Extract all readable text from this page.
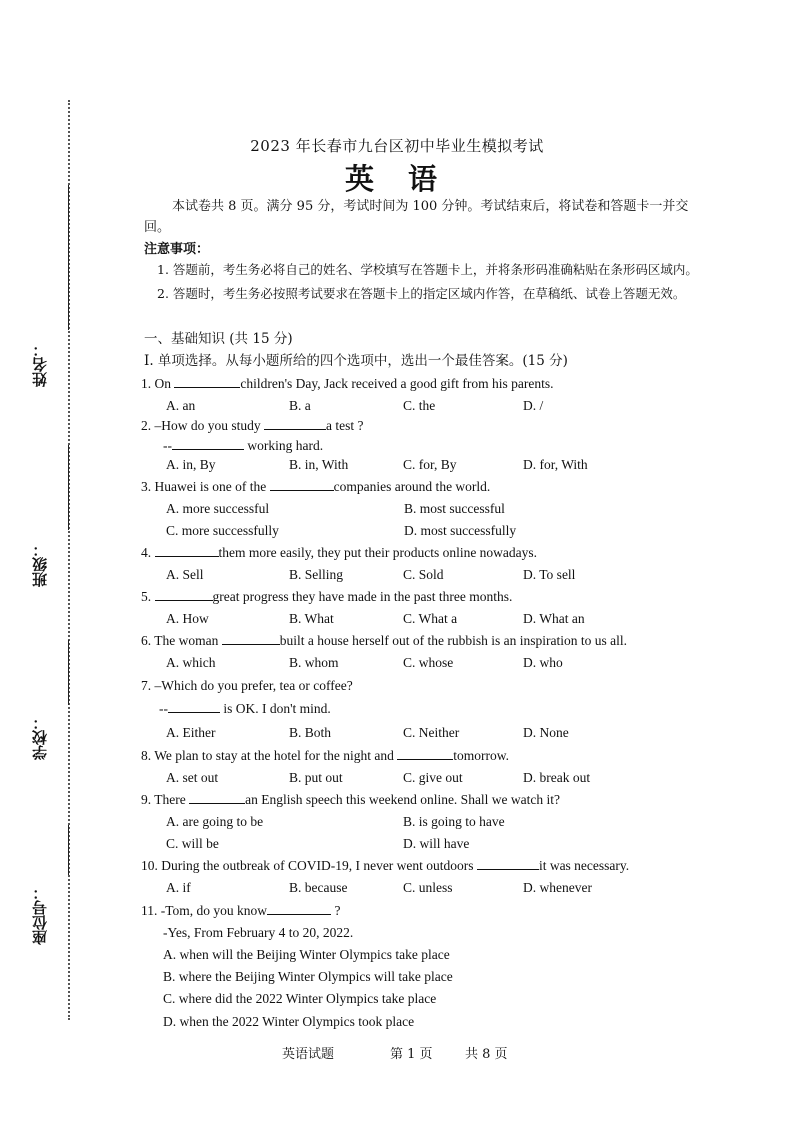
姓名：
班级：
学校：
座位号：
2023 年长春市九台区初中毕业生模拟考试
英 语

本试卷共 8 页。满分 95 分，考试时间为 100 分钟。考试结束后，将试卷和答题卡一并交回。

注意事项：
1. 答题前，考生务必将自己的姓名、学校填写在答题卡上，并将条形码准确粘贴在条形码区域内。
2. 答题时，考生务必按照考试要求在答题卡上的指定区域内作答，在草稿纸、试卷上答题无效。
一、基础知识 (共 15 分)
I. 单项选择。从每小题所给的四个选项中，选出一个最佳答案。(15 分)
1. On	children's Day, Jack received a good gift from his parents.
A. an	B. a	C. the	D. /
2. –How do you study	a test ?
--	working hard.
A. in, By	B. in, With	C. for, By	D. for, With
3. Huawei is one of the	companies around the world.
A. more successful	B. most successful
C. more successfully	D. most successfully
4.	them more easily, they put their products online nowadays.
A. Sell	B. Selling	C. Sold	D. To sell
5.	great progress they have made in the past three months.
A. How	B. What	C. What a	D. What an
6. The woman	built a house herself out of the rubbish is an inspiration to us all.
A. which	B. whom	C. whose	D. who
7. –Which do you prefer, tea or coffee?
--	is OK. I don't mind.
A. Either	B. Both	C. Neither	D. None
8. We plan to stay at the hotel for the night and	tomorrow.
A. set out	B. put out	C. give out	D. break out
9. There	an English speech this weekend online. Shall we watch it?
A. are going to be	B. is going to have
C. will be	D. will have
10. During the outbreak of COVID-19, I never went outdoors	it was necessary.
A. if	B. because	C. unless	D. whenever
11. -Tom, do you know	?
-Yes, From February 4 to 20, 2022.
A. when will the Beijing Winter Olympics take place
B. where the Beijing Winter Olympics will take place
C. where did the 2022 Winter Olympics take place
D. when the 2022 Winter Olympics took place
英语试题	第 1 页 共 8 页
